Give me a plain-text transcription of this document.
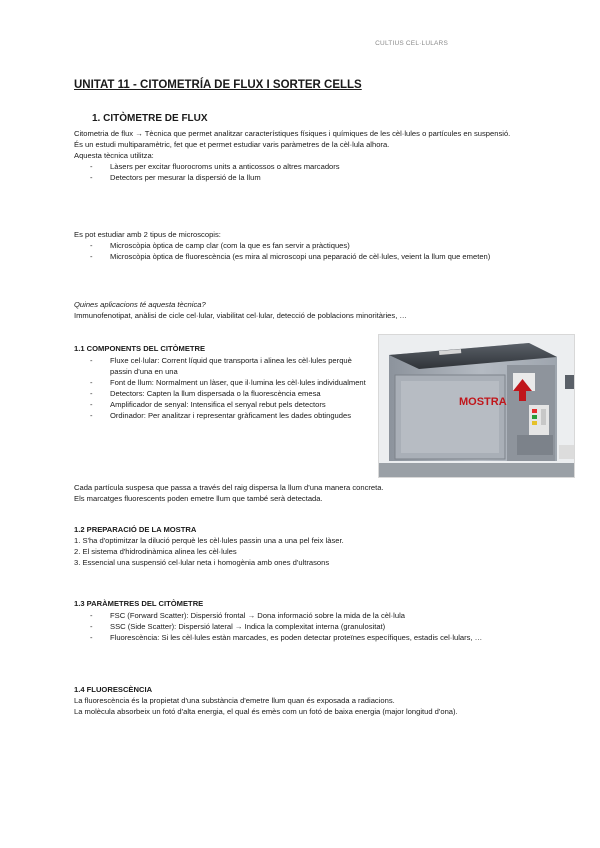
CULTIUS CEL·LULARS
UNITAT 11 - CITOMETRÍA DE FLUX I SORTER CELLS
1. CITÒMETRE DE FLUX

Citometria de flux → Tècnica que permet analitzar característiques físiques i químiques de les cèl·lules o partícules en suspensió.

És un estudi multiparamètric, fet que et permet estudiar varis paràmetres de la cèl·lula alhora.

Aquesta tècnica utilitza:

- Làsers per excitar fluorocroms units a anticossos o altres marcadors
- Detectors per mesurar la dispersió de la llum

Es pot estudiar amb 2 tipus de microscopis:

- Microscòpia òptica de camp clar (com la que es fan servir a pràctiques)
- Microscòpia òptica de fluorescència (es mira al microscopi una peparació de cèl·lules, veient la llum que emeten)

Quines aplicacions té aquesta tècnica?

Immunofenotipat, anàlisi de cicle cel·lular, viabilitat cel·lular, detecció de poblacions minoritàries, …

1.1 COMPONENTS DEL CITÒMETRE

- Fluxe cel·lular: Corrent líquid que transporta i alinea les cèl·lules perquè passin d'una en una
- Font de llum: Normalment un làser, que il·lumina les cèl·lules individualment
- Detectors: Capten la llum dispersada o la fluorescència emesa
- Amplificador de senyal: Intensifica el senyal rebut pels detectors
- Ordinador: Per analitzar i representar gràficament les dades obtingudes
MOSTRA

Cada partícula suspesa que passa a través del raig dispersa la llum d'una manera concreta.

Els marcatges fluorescents poden emetre llum que també serà detectada.

1.2 PREPARACIÓ DE LA MOSTRA

1. S'ha d'optimitzar la dilució perquè les cèl·lules passin una a una pel feix làser.

2. El sistema d'hidrodinàmica alinea les cèl·lules

3. Essencial una suspensió cel·lular neta i homogènia amb ones d'ultrasons

1.3 PARÀMETRES DEL CITÒMETRE

- FSC (Forward Scatter): Dispersió frontal → Dona informació sobre la mida de la cèl·lula
- SSC (Side Scatter): Dispersió lateral → Indica la complexitat interna (granulositat)
- Fluorescència: Si les cèl·lules estàn marcades, es poden detectar proteïnes específiques, estadis cel·lulars, …

1.4 FLUORESCÈNCIA

La fluorescència és la propietat d'una substància d'emetre llum quan és exposada a radiacions.

La molècula absorbeix un fotó d'alta energia, el qual és emès com un fotó de baixa energia (major longitud d'ona).
